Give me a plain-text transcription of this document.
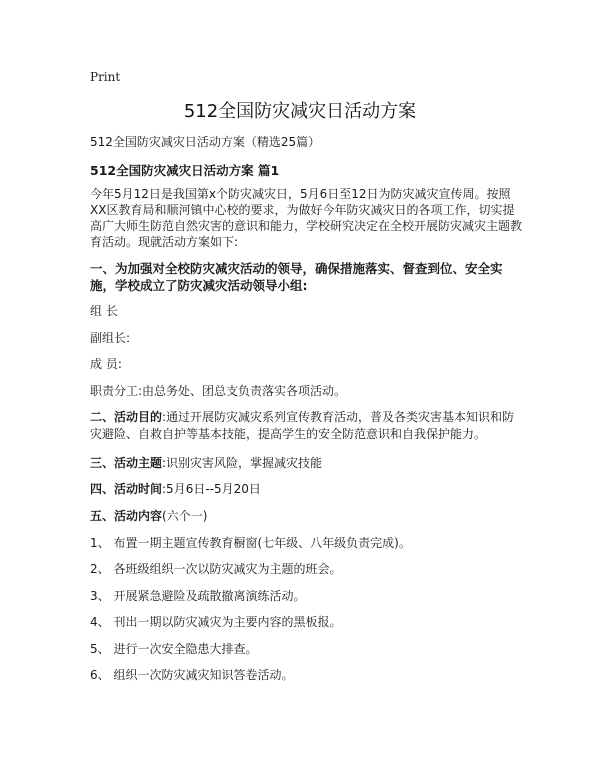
Print
512全国防灾减灾日活动方案

512全国防灾减灾日活动方案（精选25篇）

512全国防灾减灾日活动方案 篇1

今年5月12日是我国第x个防灾减灾日，5月6日至12日为防灾减灾宣传周。按照XX区教育局和顺河镇中心校的要求，为做好今年防灾减灾日的各项工作，切实提高广大师生防范自然灾害的意识和能力，学校研究决定在全校开展防灾减灾主题教育活动。现就活动方案如下:

一、为加强对全校防灾减灾活动的领导，确保措施落实、督查到位、安全实施，学校成立了防灾减灾活动领导小组:

组 长

副组长:

成 员:

职责分工:由总务处、团总支负责落实各项活动。

二、活动目的:通过开展防灾减灾系列宣传教育活动，普及各类灾害基本知识和防灾避险、自救自护等基本技能，提高学生的安全防范意识和自我保护能力。

三、活动主题:识别灾害风险，掌握减灾技能

四、活动时间:5月6日--5月20日

五、活动内容(六个一)

1、 布置一期主题宣传教育橱窗(七年级、八年级负责完成)。

2、 各班级组织一次以防灾减灾为主题的班会。

3、 开展紧急避险及疏散撤离演练活动。

4、 刊出一期以防灾减灾为主要内容的黑板报。

5、 进行一次安全隐患大排查。

6、 组织一次防灾减灾知识答卷活动。
